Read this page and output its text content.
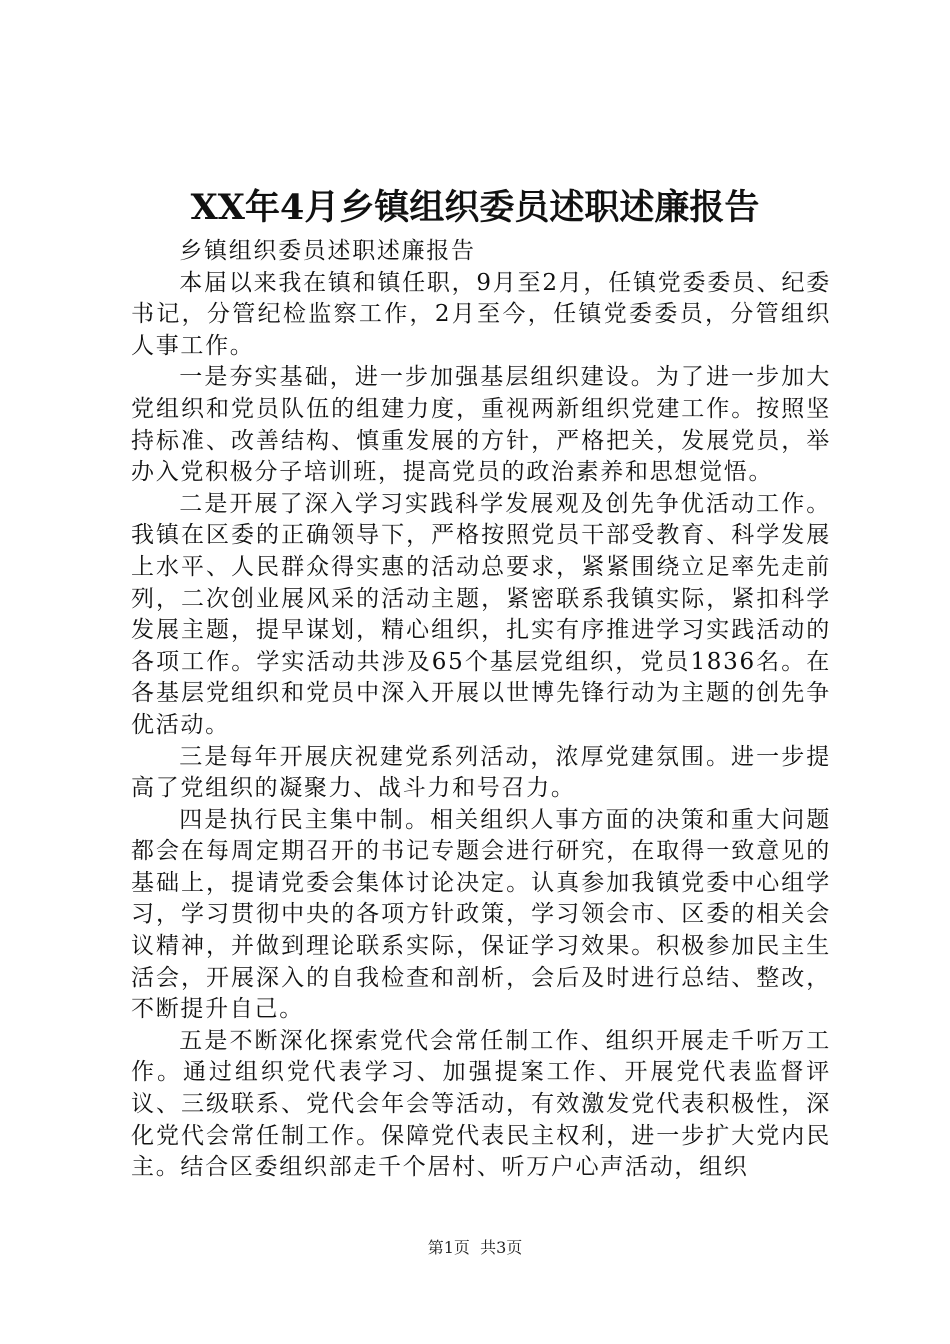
XX年4月乡镇组织委员述职述廉报告

乡镇组织委员述职述廉报告

本届以来我在镇和镇任职，9月至2月，任镇党委委员、纪委书记，分管纪检监察工作，2月至今，任镇党委委员，分管组织人事工作。

一是夯实基础，进一步加强基层组织建设。为了进一步加大党组织和党员队伍的组建力度，重视两新组织党建工作。按照坚持标准、改善结构、慎重发展的方针，严格把关，发展党员，举办入党积极分子培训班，提高党员的政治素养和思想觉悟。

二是开展了深入学习实践科学发展观及创先争优活动工作。我镇在区委的正确领导下，严格按照党员干部受教育、科学发展上水平、人民群众得实惠的活动总要求，紧紧围绕立足率先走前列，二次创业展风采的活动主题，紧密联系我镇实际，紧扣科学发展主题，提早谋划，精心组织，扎实有序推进学习实践活动的各项工作。学实活动共涉及65个基层党组织，党员1836名。在各基层党组织和党员中深入开展以世博先锋行动为主题的创先争优活动。

三是每年开展庆祝建党系列活动，浓厚党建氛围。进一步提高了党组织的凝聚力、战斗力和号召力。

四是执行民主集中制。相关组织人事方面的决策和重大问题都会在每周定期召开的书记专题会进行研究，在取得一致意见的基础上，提请党委会集体讨论决定。认真参加我镇党委中心组学习，学习贯彻中央的各项方针政策，学习领会市、区委的相关会议精神，并做到理论联系实际，保证学习效果。积极参加民主生活会，开展深入的自我检查和剖析，会后及时进行总结、整改，不断提升自己。

五是不断深化探索党代会常任制工作、组织开展走千听万工作。通过组织党代表学习、加强提案工作、开展党代表监督评议、三级联系、党代会年会等活动，有效激发党代表积极性，深化党代会常任制工作。保障党代表民主权利，进一步扩大党内民主。结合区委组织部走千个居村、听万户心声活动，组织

第1页 共3页
